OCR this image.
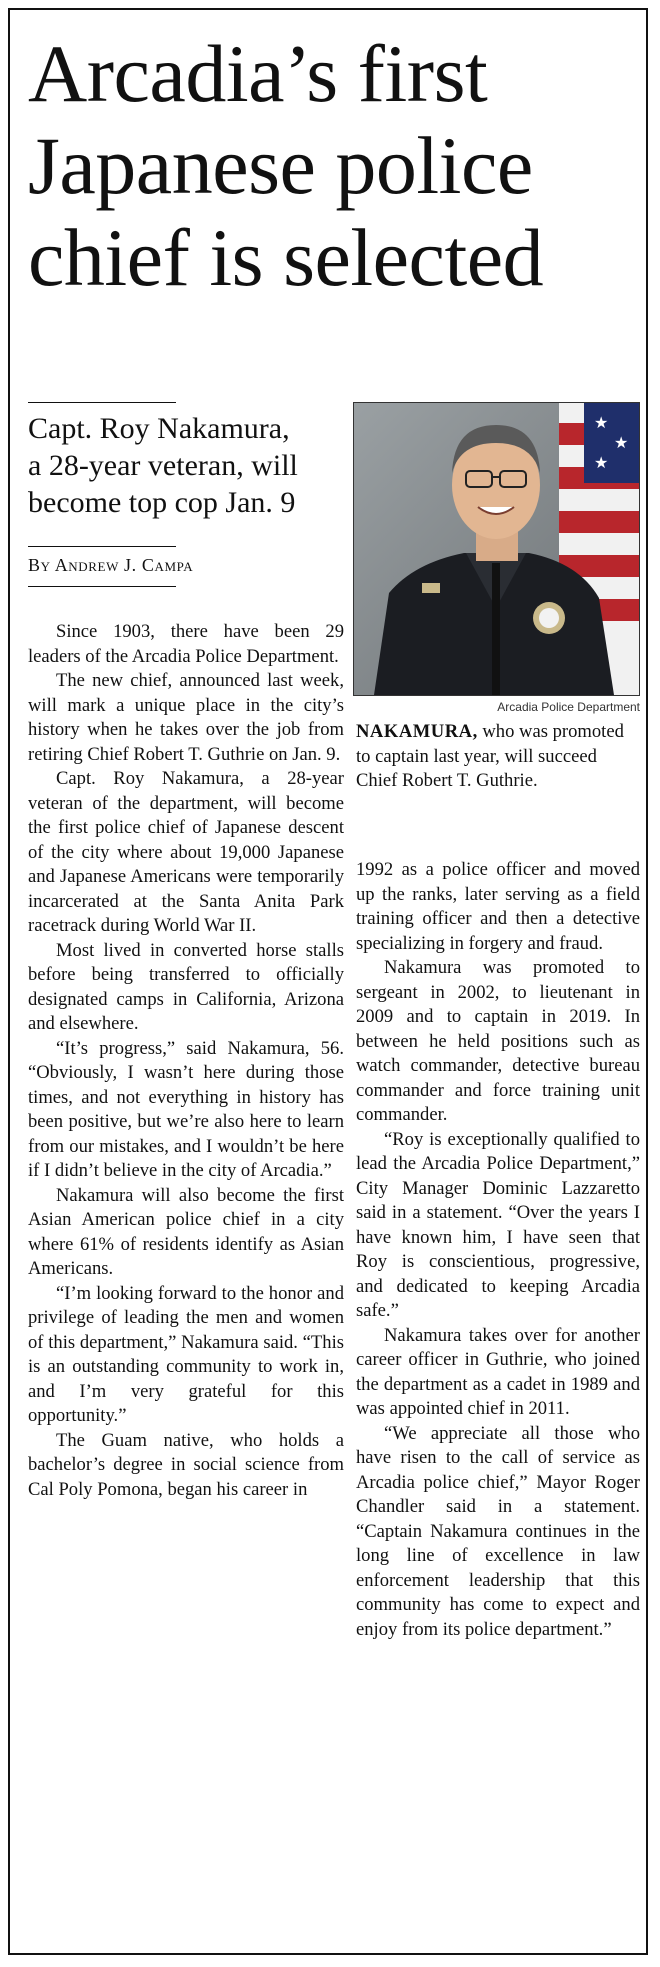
Arcadia’s first
Japanese police
chief is selected
Capt. Roy Nakamura,
a 28-year veteran, will
become top cop Jan. 9
By Andrew J. Campa
★
★
★
Arcadia Police Department

Since 1903, there have been 29 leaders of the Arcadia Police Department.

The new chief, announced last week, will mark a unique place in the city’s history when he takes over the job from retiring Chief Robert T. Guthrie on Jan. 9.

Capt. Roy Nakamura, a 28-year veteran of the department, will become the first police chief of Japanese descent of the city where about 19,000 Japanese and Japanese Americans were temporarily incarcerated at the Santa Anita Park racetrack during World War II.

Most lived in converted horse stalls before being transferred to officially designated camps in California, Arizona and elsewhere.

“It’s progress,” said Nakamura, 56. “Obviously, I wasn’t here during those times, and not everything in history has been positive, but we’re also here to learn from our mistakes, and I wouldn’t be here if I didn’t believe in the city of Arcadia.”

Nakamura will also become the first Asian American police chief in a city where 61% of residents identify as Asian Americans.

“I’m looking forward to the honor and privilege of leading the men and women of this department,” Nakamura said. “This is an outstanding community to work in, and I’m very grateful for this opportunity.”

The Guam native, who holds a bachelor’s degree in social science from Cal Poly Pomona, began his career in

NAKAMURA, who was promoted to captain last year, will succeed Chief Robert T. Guthrie.

1992 as a police officer and moved up the ranks, later serving as a field training officer and then a detective specializing in forgery and fraud.

Nakamura was promoted to sergeant in 2002, to lieutenant in 2009 and to captain in 2019. In between he held positions such as watch commander, detective bureau commander and force training unit commander.

“Roy is exceptionally qualified to lead the Arcadia Police Department,” City Manager Dominic Lazzaretto said in a statement. “Over the years I have known him, I have seen that Roy is conscientious, progressive, and dedicated to keeping Arcadia safe.”

Nakamura takes over for another career officer in Guthrie, who joined the department as a cadet in 1989 and was appointed chief in 2011.

“We appreciate all those who have risen to the call of service as Arcadia police chief,” Mayor Roger Chandler said in a statement. “Captain Nakamura continues in the long line of excellence in law enforcement leadership that this community has come to expect and enjoy from its police department.”
